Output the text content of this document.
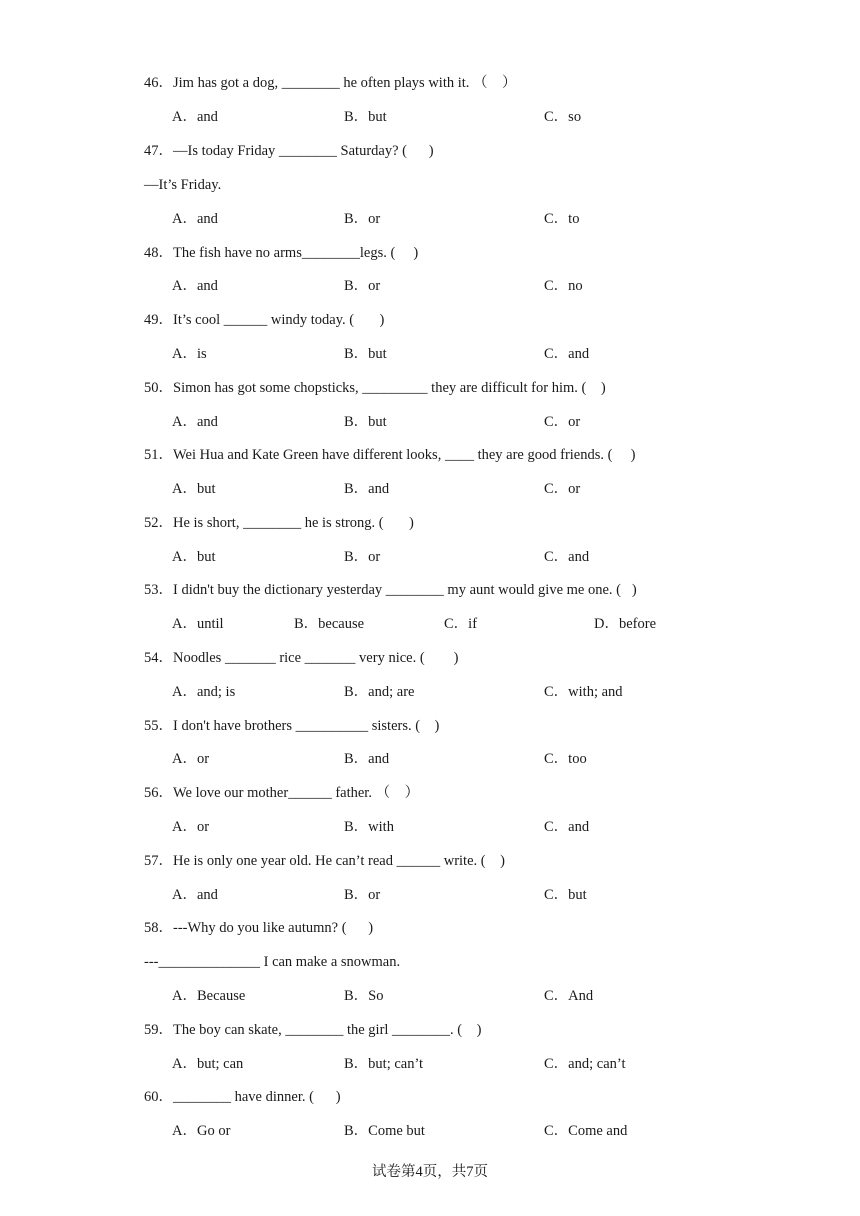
46．Jim has got a dog, ________ he often plays with it. （　）
A．and	B．but	C．so
47．—Is today Friday ________ Saturday? (      )
—It’s Friday.
A．and	B．or	C．to
48．The fish have no arms________legs. (     )
A．and	B．or	C．no
49．It’s cool ______ windy today. (       )
A．is	B．but	C．and
50．Simon has got some chopsticks, _________ they are difficult for him. (    )
A．and	B．but	C．or
51．Wei Hua and Kate Green have different looks, ____ they are good friends. (     )
A．but	B．and	C．or
52．He is short, ________ he is strong. (       )
A．but	B．or	C．and
53．I didn't buy the dictionary yesterday ________ my aunt would give me one. (   )
A．until	B．because	C．if	D．before
54．Noodles _______ rice _______ very nice. (        )
A．and; is	B．and; are	C．with; and
55．I don't have brothers __________ sisters. (    )
A．or	B．and	C．too
56．We love our mother______ father. （　）
A．or	B．with	C．and
57．He is only one year old. He can’t read ______ write. (    )
A．and	B．or	C．but
58．---Why do you like autumn? (      )
---______________ I can make a snowman.
A．Because	B．So	C．And
59．The boy can skate, ________ the girl ________. (    )
A．but; can	B．but; can’t	C．and; can’t
60．________ have dinner. (      )
A．Go or	B．Come but	C．Come and
试卷第4页，共7页
